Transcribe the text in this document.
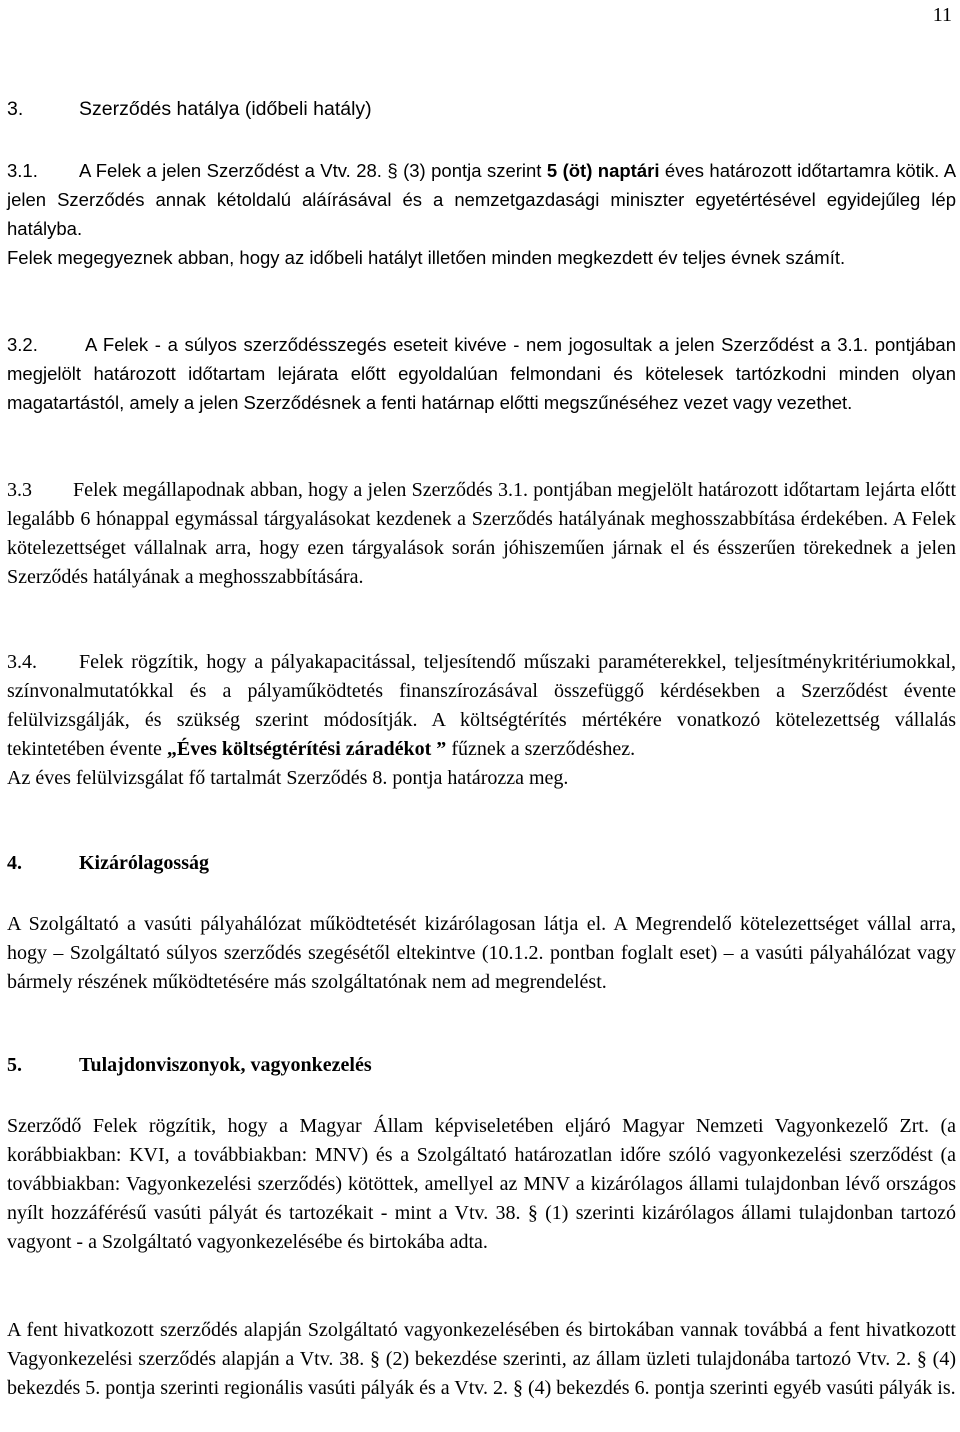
11
3.	Szerződés hatálya (időbeli hatály)
3.1. A Felek a jelen Szerződést a Vtv. 28. § (3) pontja szerint 5 (öt) naptári éves határozott időtartamra kötik. A jelen Szerződés annak kétoldalú aláírásával és a nemzetgazdasági miniszter egyetértésével egyidejűleg lép hatályba.
Felek megegyeznek abban, hogy az időbeli hatályt illetően minden megkezdett év teljes évnek számít.
3.2.	A Felek - a súlyos szerződésszegés eseteit kivéve - nem jogosultak a jelen Szerződést a 3.1. pontjában megjelölt határozott időtartam lejárata előtt egyoldalúan felmondani és kötelesek tartózkodni minden olyan magatartástól, amely a jelen Szerződésnek a fenti határnap előtti megszűnéséhez vezet vagy vezethet.
3.3 Felek megállapodnak abban, hogy a jelen Szerződés 3.1. pontjában megjelölt határozott időtartam lejárta előtt legalább 6 hónappal egymással tárgyalásokat kezdenek a Szerződés hatályának meghosszabbítása érdekében. A Felek kötelezettséget vállalnak arra, hogy ezen tárgyalások során jóhiszeműen járnak el és ésszerűen törekednek a jelen Szerződés hatályának a meghosszabbítására.
3.4. Felek rögzítik, hogy a pályakapacitással, teljesítendő műszaki paraméterekkel, teljesítménykritériumokkal, színvonalmutatókkal és a pályaműködtetés finanszírozásával összefüggő kérdésekben a Szerződést évente felülvizsgálják, és szükség szerint módosítják. A költségtérítés mértékére vonatkozó kötelezettség vállalás tekintetében évente „Éves költségtérítési záradékot ” fűznek a szerződéshez.
Az éves felülvizsgálat fő tartalmát Szerződés 8. pontja határozza meg.
4.	Kizárólagosság
A Szolgáltató a vasúti pályahálózat működtetését kizárólagosan látja el. A Megrendelő kötelezettséget vállal arra, hogy – Szolgáltató súlyos szerződés szegésétől eltekintve (10.1.2. pontban foglalt eset) – a vasúti pályahálózat vagy bármely részének működtetésére más szolgáltatónak nem ad megrendelést.
5.	Tulajdonviszonyok, vagyonkezelés
Szerződő Felek rögzítik, hogy a Magyar Állam képviseletében eljáró Magyar Nemzeti Vagyonkezelő Zrt. (a korábbiakban: KVI, a továbbiakban: MNV) és a Szolgáltató határozatlan időre szóló vagyonkezelési szerződést (a továbbiakban: Vagyonkezelési szerződés) kötöttek, amellyel az MNV a kizárólagos állami tulajdonban lévő országos nyílt hozzáférésű vasúti pályát és tartozékait - mint a Vtv. 38. § (1) szerinti kizárólagos állami tulajdonban tartozó vagyont - a Szolgáltató vagyonkezelésébe és birtokába adta.
A fent hivatkozott szerződés alapján Szolgáltató vagyonkezelésében és birtokában vannak továbbá a fent hivatkozott Vagyonkezelési szerződés alapján a Vtv. 38. § (2) bekezdése szerinti, az állam üzleti tulajdonába tartozó Vtv. 2. § (4) bekezdés 5. pontja szerinti regionális vasúti pályák és a Vtv. 2. § (4) bekezdés 6. pontja szerinti egyéb vasúti pályák is.
